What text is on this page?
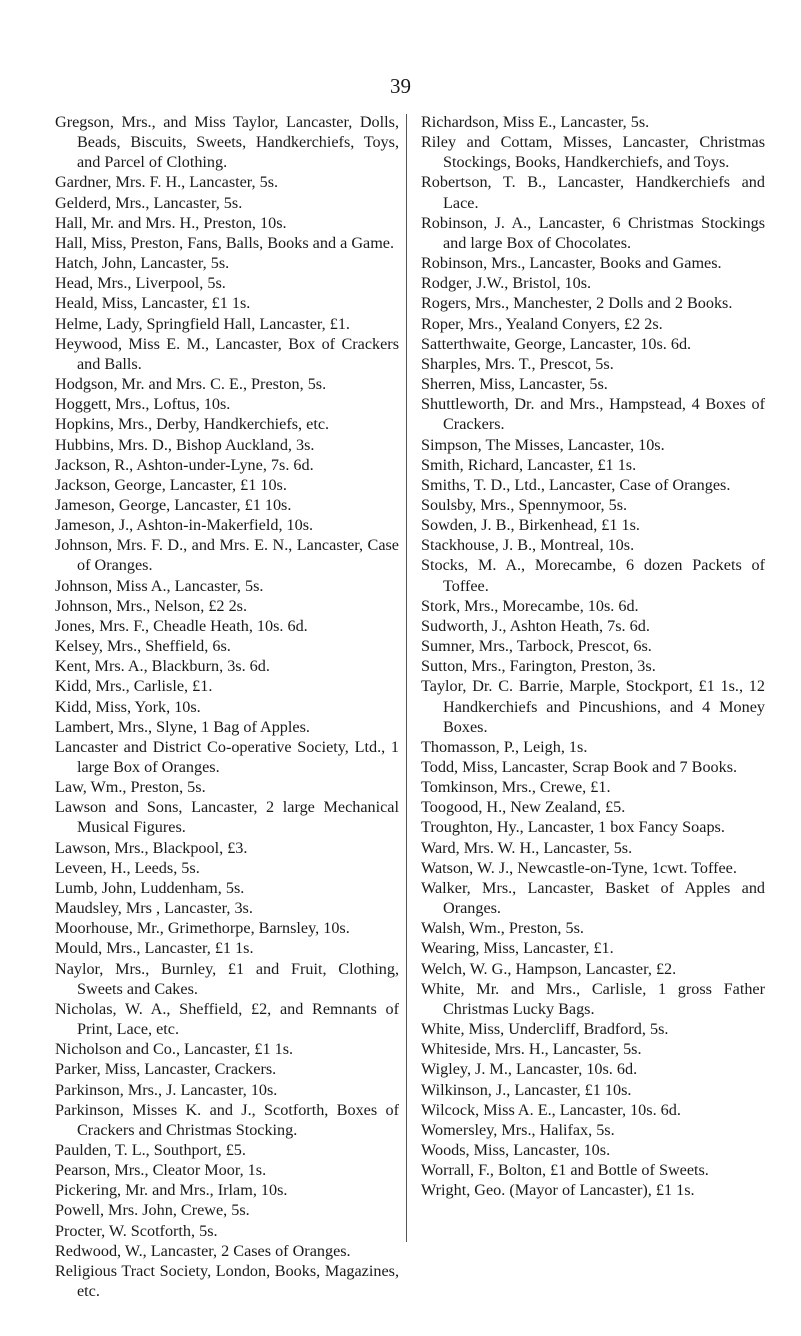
39

Gregson, Mrs., and Miss Taylor, Lancaster, Dolls, Beads, Biscuits, Sweets, Handkerchiefs, Toys, and Parcel of Clothing.

Gardner, Mrs. F. H., Lancaster, 5s.

Gelderd, Mrs., Lancaster, 5s.

Hall, Mr. and Mrs. H., Preston, 10s.

Hall, Miss, Preston, Fans, Balls, Books and a Game.

Hatch, John, Lancaster, 5s.

Head, Mrs., Liverpool, 5s.

Heald, Miss, Lancaster, £1 1s.

Helme, Lady, Springfield Hall, Lancaster, £1.

Heywood, Miss E. M., Lancaster, Box of Crackers and Balls.

Hodgson, Mr. and Mrs. C. E., Preston, 5s.

Hoggett, Mrs., Loftus, 10s.

Hopkins, Mrs., Derby, Handkerchiefs, etc.

Hubbins, Mrs. D., Bishop Auckland, 3s.

Jackson, R., Ashton-under-Lyne, 7s. 6d.

Jackson, George, Lancaster, £1 10s.

Jameson, George, Lancaster, £1 10s.

Jameson, J., Ashton-in-Makerfield, 10s.

Johnson, Mrs. F. D., and Mrs. E. N., Lancaster, Case of Oranges.

Johnson, Miss A., Lancaster, 5s.

Johnson, Mrs., Nelson, £2 2s.

Jones, Mrs. F., Cheadle Heath, 10s. 6d.

Kelsey, Mrs., Sheffield, 6s.

Kent, Mrs. A., Blackburn, 3s. 6d.

Kidd, Mrs., Carlisle, £1.

Kidd, Miss, York, 10s.

Lambert, Mrs., Slyne, 1 Bag of Apples.

Lancaster and District Co-operative Society, Ltd., 1 large Box of Oranges.

Law, Wm., Preston, 5s.

Lawson and Sons, Lancaster, 2 large Mechanical Musical Figures.

Lawson, Mrs., Blackpool, £3.

Leveen, H., Leeds, 5s.

Lumb, John, Luddenham, 5s.

Maudsley, Mrs , Lancaster, 3s.

Moorhouse, Mr., Grimethorpe, Barnsley, 10s.

Mould, Mrs., Lancaster, £1 1s.

Naylor, Mrs., Burnley, £1 and Fruit, Clothing, Sweets and Cakes.

Nicholas, W. A., Sheffield, £2, and Remnants of Print, Lace, etc.

Nicholson and Co., Lancaster, £1 1s.

Parker, Miss, Lancaster, Crackers.

Parkinson, Mrs., J. Lancaster, 10s.

Parkinson, Misses K. and J., Scotforth, Boxes of Crackers and Christmas Stocking.

Paulden, T. L., Southport, £5.

Pearson, Mrs., Cleator Moor, 1s.

Pickering, Mr. and Mrs., Irlam, 10s.

Powell, Mrs. John, Crewe, 5s.

Procter, W. Scotforth, 5s.

Redwood, W., Lancaster, 2 Cases of Oranges.

Religious Tract Society, London, Books, Magazines, etc.

Richardson, Miss E., Lancaster, 5s.

Riley and Cottam, Misses, Lancaster, Christmas Stockings, Books, Handkerchiefs, and Toys.

Robertson, T. B., Lancaster, Handkerchiefs and Lace.

Robinson, J. A., Lancaster, 6 Christmas Stockings and large Box of Chocolates.

Robinson, Mrs., Lancaster, Books and Games.

Rodger, J.W., Bristol, 10s.

Rogers, Mrs., Manchester, 2 Dolls and 2 Books.

Roper, Mrs., Yealand Conyers, £2 2s.

Satterthwaite, George, Lancaster, 10s. 6d.

Sharples, Mrs. T., Prescot, 5s.

Sherren, Miss, Lancaster, 5s.

Shuttleworth, Dr. and Mrs., Hampstead, 4 Boxes of Crackers.

Simpson, The Misses, Lancaster, 10s.

Smith, Richard, Lancaster, £1 1s.

Smiths, T. D., Ltd., Lancaster, Case of Oranges.

Soulsby, Mrs., Spennymoor, 5s.

Sowden, J. B., Birkenhead, £1 1s.

Stackhouse, J. B., Montreal, 10s.

Stocks, M. A., Morecambe, 6 dozen Packets of Toffee.

Stork, Mrs., Morecambe, 10s. 6d.

Sudworth, J., Ashton Heath, 7s. 6d.

Sumner, Mrs., Tarbock, Prescot, 6s.

Sutton, Mrs., Farington, Preston, 3s.

Taylor, Dr. C. Barrie, Marple, Stockport, £1 1s., 12 Handkerchiefs and Pincushions, and 4 Money Boxes.

Thomasson, P., Leigh, 1s.

Todd, Miss, Lancaster, Scrap Book and 7 Books.

Tomkinson, Mrs., Crewe, £1.

Toogood, H., New Zealand, £5.

Troughton, Hy., Lancaster, 1 box Fancy Soaps.

Ward, Mrs. W. H., Lancaster, 5s.

Watson, W. J., Newcastle-on-Tyne, 1cwt. Toffee.

Walker, Mrs., Lancaster, Basket of Apples and Oranges.

Walsh, Wm., Preston, 5s.

Wearing, Miss, Lancaster, £1.

Welch, W. G., Hampson, Lancaster, £2.

White, Mr. and Mrs., Carlisle, 1 gross Father Christmas Lucky Bags.

White, Miss, Undercliff, Bradford, 5s.

Whiteside, Mrs. H., Lancaster, 5s.

Wigley, J. M., Lancaster, 10s. 6d.

Wilkinson, J., Lancaster, £1 10s.

Wilcock, Miss A. E., Lancaster, 10s. 6d.

Womersley, Mrs., Halifax, 5s.

Woods, Miss, Lancaster, 10s.

Worrall, F., Bolton, £1 and Bottle of Sweets.

Wright, Geo. (Mayor of Lancaster), £1 1s.
